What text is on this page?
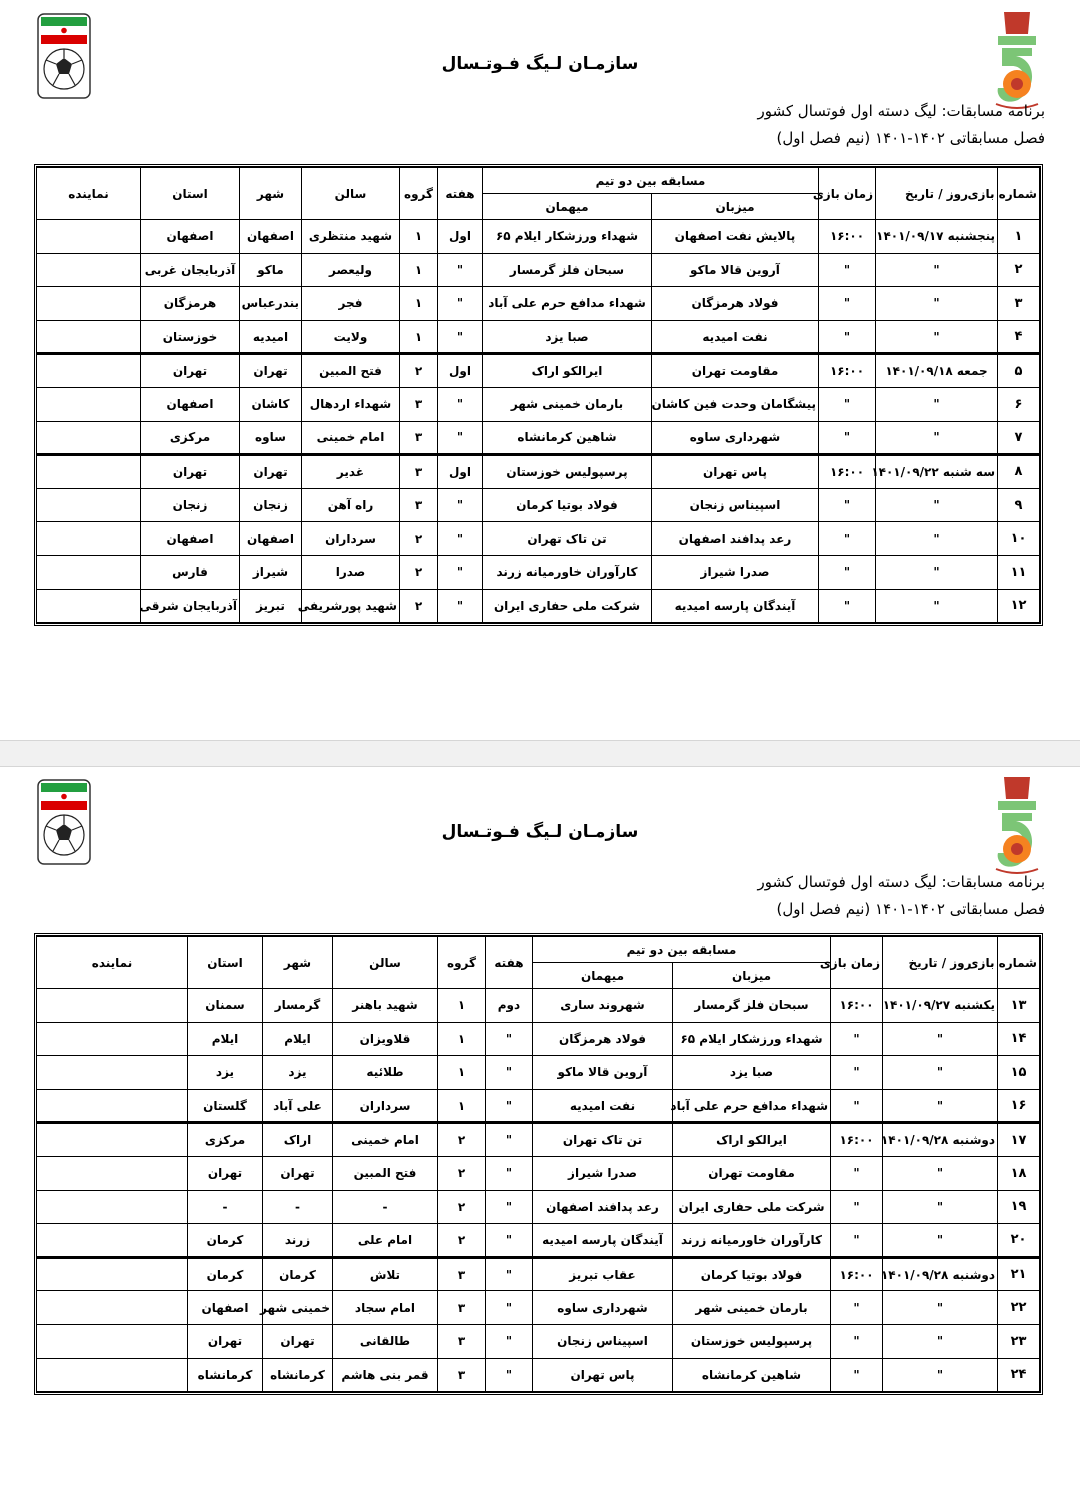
سازمـان لـیگ فـوتـسال
برنامه مسابقات: لیگ دسته اول فوتسال کشور
فصل مسابقاتی ۱۴۰۲-۱۴۰۱ (نیم فصل اول)
شماره بازی	روز / تاریخ	زمان بازی	مسابقه بین دو تیم		هفته	گروه	سالن	شهر	استان	نماینده
			میزبان	میهمان						
۱	پنجشنبه ۱۴۰۱/۰۹/۱۷	۱۶:۰۰	پالایش نفت اصفهان	شهداء ورزشکار ایلام ۶۵	اول	۱	شهید منتظری	اصفهان	اصفهان	
۲	"	"	آروین قالا ماکو	سبحان فلز گرمسار	"	۱	ولیعصر	ماکو	آذربایجان غربی	
۳	"	"	فولاد هرمزگان	شهداء مدافع حرم علی آباد	"	۱	فجر	بندرعباس	هرمزگان	
۴	"	"	نفت امیدیه	صبا یزد	"	۱	ولایت	امیدیه	خوزستان	
۵	جمعه ۱۴۰۱/۰۹/۱۸	۱۶:۰۰	مقاومت تهران	ایرالکو اراک	اول	۲	فتح المبین	تهران	تهران	
۶	"	"	پیشگامان وحدت فین کاشان	بارمان خمینی شهر	"	۳	شهداء اردهال	کاشان	اصفهان	
۷	"	"	شهرداری ساوه	شاهین کرمانشاه	"	۳	امام خمینی	ساوه	مرکزی	
۸	سه شنبه ۱۴۰۱/۰۹/۲۲	۱۶:۰۰	پاس تهران	پرسپولیس خوزستان	اول	۳	غدیر	تهران	تهران	
۹	"	"	اسپیناس زنجان	فولاد بوتیا کرمان	"	۳	راه آهن	زنجان	زنجان	
۱۰	"	"	رعد پدافند اصفهان	تن تاک تهران	"	۲	سرداران	اصفهان	اصفهان	
۱۱	"	"	صدرا شیراز	کارآوران خاورمیانه زرند	"	۲	صدرا	شیراز	فارس	
۱۲	"	"	آیندگان پارسه امیدیه	شرکت ملی حفاری ایران	"	۲	شهید پورشریفی	تبریز	آذربایجان شرقی	
سازمـان لـیگ فـوتـسال
برنامه مسابقات: لیگ دسته اول فوتسال کشور
فصل مسابقاتی ۱۴۰۲-۱۴۰۱ (نیم فصل اول)
شماره بازی	روز / تاریخ	زمان بازی	مسابقه بین دو تیم		هفته	گروه	سالن	شهر	استان	نماینده
			میزبان	میهمان						
۱۳	یکشنبه ۱۴۰۱/۰۹/۲۷	۱۶:۰۰	سبحان فلز گرمسار	شهروند ساری	دوم	۱	شهید باهنر	گرمسار	سمنان	
۱۴	"	"	شهداء ورزشکار ایلام ۶۵	فولاد هرمزگان	"	۱	قلاویزان	ایلام	ایلام	
۱۵	"	"	صبا یزد	آروین قالا ماکو	"	۱	طلائیه	یزد	یزد	
۱۶	"	"	شهداء مدافع حرم علی آباد	نفت امیدیه	"	۱	سرداران	علی آباد	گلستان	
۱۷	دوشنبه ۱۴۰۱/۰۹/۲۸	۱۶:۰۰	ایرالکو اراک	تن تاک تهران	"	۲	امام خمینی	اراک	مرکزی	
۱۸	"	"	مقاومت تهران	صدرا شیراز	"	۲	فتح المبین	تهران	تهران	
۱۹	"	"	شرکت ملی حفاری ایران	رعد پدافند اصفهان	"	۲	-	-	-	
۲۰	"	"	کارآوران خاورمیانه زرند	آیندگان پارسه امیدیه	"	۲	امام علی	زرند	کرمان	
۲۱	دوشنبه ۱۴۰۱/۰۹/۲۸	۱۶:۰۰	فولاد بوتیا کرمان	عقاب تبریز	"	۳	تلاش	کرمان	کرمان	
۲۲	"	"	بارمان خمینی شهر	شهرداری ساوه	"	۳	امام سجاد	خمینی شهر	اصفهان	
۲۳	"	"	پرسپولیس خوزستان	اسپیناس زنجان	"	۳	طالقانی	تهران	تهران	
۲۴	"	"	شاهین کرمانشاه	پاس تهران	"	۳	قمر بنی هاشم	کرمانشاه	کرمانشاه	
